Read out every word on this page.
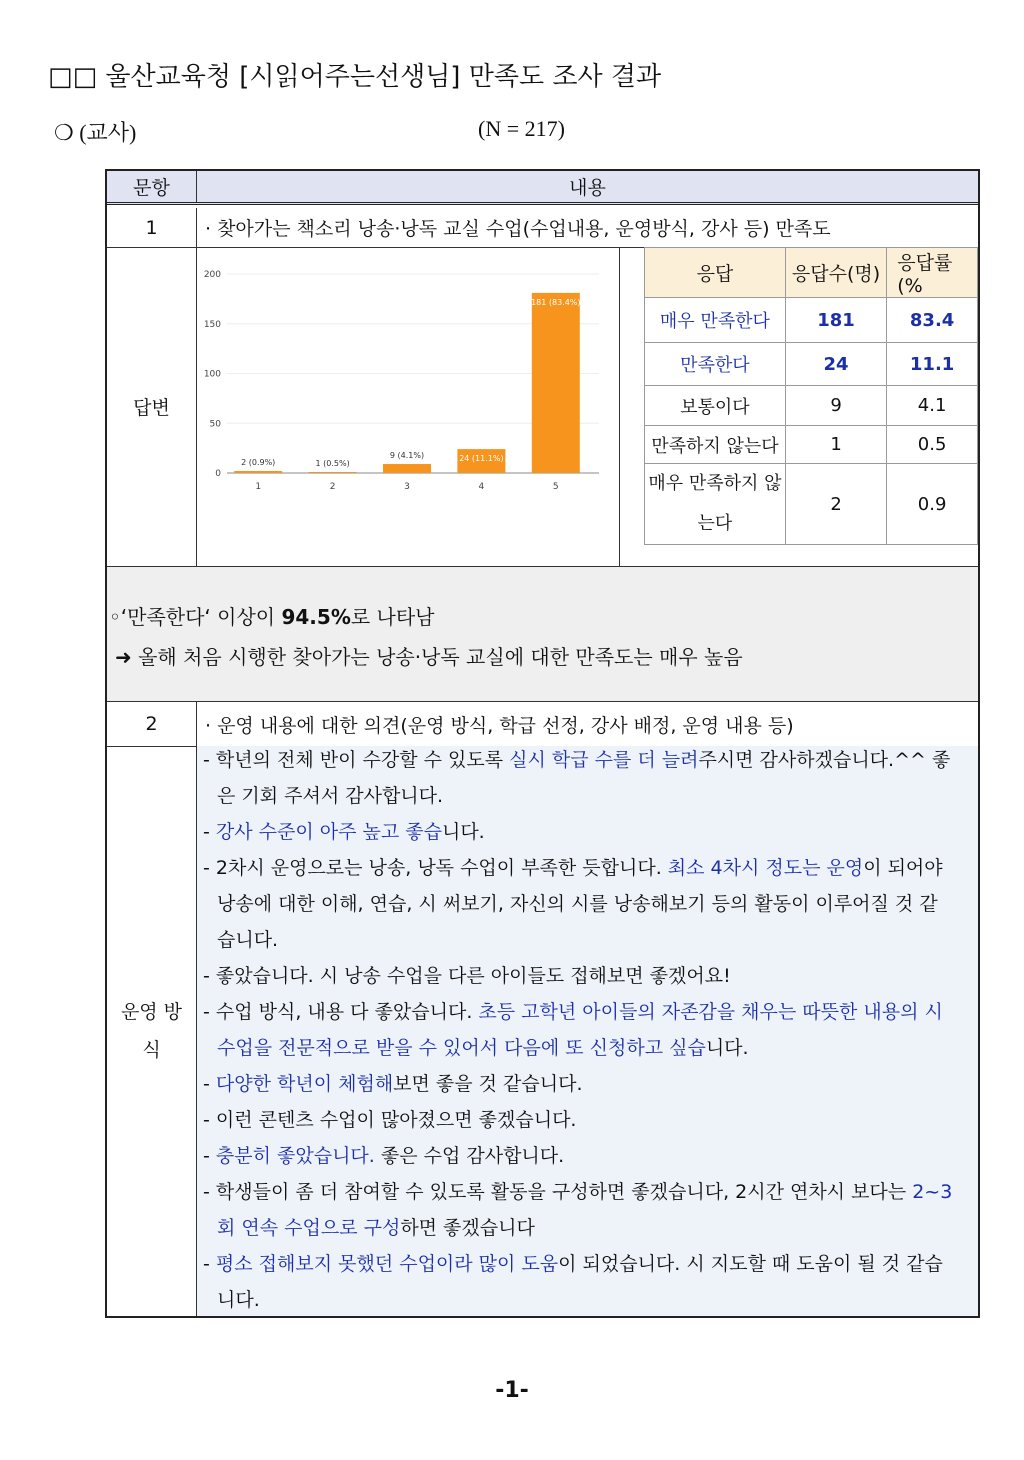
□□ 울산교육청 [시읽어주는선생님] 만족도 조사 결과
❍ (교사)	(N = 217)
문항	내용
1	· 찾아가는 책소리 낭송·낭독 교실 수업(수업내용, 운영방식, 강사 등) 만족도
답변
0
50
100
150
200
1
2 (0.9%)
2
1 (0.5%)
3
9 (4.1%)
4
24 (11.1%)
5
181 (83.4%)
응답	응답수(명)	응답률(%
매우 만족한다	181	83.4
만족한다	24	11.1
보통이다	9	4.1
만족하지 않는다	1	0.5
매우 만족하지 않
는다	2	0.9

◦‘만족한다‘ 이상이 94.5%로 나타남

➜ 올해 처음 시행한 찾아가는 낭송·낭독 교실에 대한 만족도는 매우 높음

2	· 운영 내용에 대한 의견(운영 방식, 학급 선정, 강사 배정, 운영 내용 등)
운영 방
식
- 학년의 전체 반이 수강할 수 있도록 실시 학급 수를 더 늘려주시면 감사하겠습니다.^^ 좋
은 기회 주셔서 감사합니다.
- 강사 수준이 아주 높고 좋습니다.
- 2차시 운영으로는 낭송, 낭독 수업이 부족한 듯합니다. 최소 4차시 정도는 운영이 되어야
낭송에 대한 이해, 연습, 시 써보기, 자신의 시를 낭송해보기 등의 활동이 이루어질 것 같
습니다.
- 좋았습니다. 시 낭송 수업을 다른 아이들도 접해보면 좋겠어요!
- 수업 방식, 내용 다 좋았습니다. 초등 고학년 아이들의 자존감을 채우는 따뜻한 내용의 시
수업을 전문적으로 받을 수 있어서 다음에 또 신청하고 싶습니다.
- 다양한 학년이 체험해보면 좋을 것 같습니다.
- 이런 콘텐츠 수업이 많아졌으면 좋겠습니다.
- 충분히 좋았습니다. 좋은 수업 감사합니다.
- 학생들이 좀 더 참여할 수 있도록 활동을 구성하면 좋겠습니다, 2시간 연차시 보다는 2~3
회 연속 수업으로 구성하면 좋겠습니다
- 평소 접해보지 못했던 수업이라 많이 도움이 되었습니다. 시 지도할 때 도움이 될 것 같습
니다.
-1-
